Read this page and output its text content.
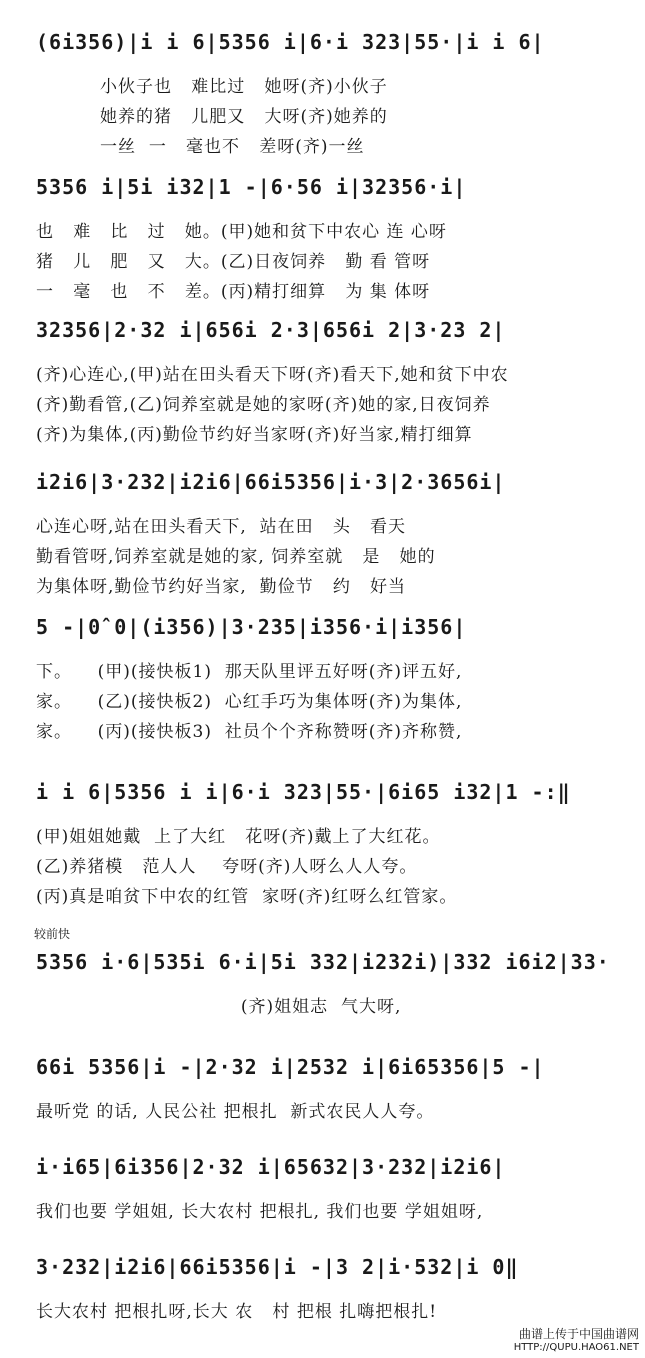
(6i356)|i i 6|5356 i|6·i 323|55·|i i 6|
小伙子也   难比过   她呀(齐)小伙子
她养的猪   儿肥又   大呀(齐)她养的
一丝  一   毫也不   差呀(齐)一丝
5356 i|5i i32|1 -|6·56 i|32356·i|
也   难   比   过   她。(甲)她和贫下中农心 连 心呀
猪   儿   肥   又   大。(乙)日夜饲养   勤 看 管呀
一   毫   也   不   差。(丙)精打细算   为 集 体呀
32356|2·32 i|656i 2·3|656i 2|3·23 2|
(齐)心连心,(甲)站在田头看天下呀(齐)看天下,她和贫下中农
(齐)勤看管,(乙)饲养室就是她的家呀(齐)她的家,日夜饲养
(齐)为集体,(丙)勤俭节约好当家呀(齐)好当家,精打细算
i2i6|3·232|i2i6|66i5356|i·3|2·3656i|
心连心呀,站在田头看天下,  站在田   头   看天
勤看管呀,饲养室就是她的家, 饲养室就   是   她的
为集体呀,勤俭节约好当家,  勤俭节   约   好当
5 -|0̂ 0|(i356)|3·235|i356·i|i356|
下。    (甲)(接快板1)  那天队里评五好呀(齐)评五好,
家。    (乙)(接快板2)  心红手巧为集体呀(齐)为集体,
家。    (丙)(接快板3)  社员个个齐称赞呀(齐)齐称赞,
i i 6|5356 i i|6·i 323|55·|6i65 i32|1 -:‖
(甲)姐姐她戴  上了大红   花呀(齐)戴上了大红花。
(乙)养猪模   范人人    夸呀(齐)人呀么人人夸。
(丙)真是咱贫下中农的红管  家呀(齐)红呀么红管家。
较前快
5356 i·6|535i 6·i|5i 332|i232i)|332 i6i2|33·
(齐)姐姐志  气大呀,
66i 5356|i -|2·32 i|2532 i|6i65356|5 -|
最听党 的话, 人民公社 把根扎  新式农民人人夸。
i·i65|6i356|2·32 i|65632|3·232|i2i6|
我们也要 学姐姐, 长大农村 把根扎, 我们也要 学姐姐呀,
3·232|i2i6|66i5356|i -|3 2|i·532|i 0‖
长大农村 把根扎呀,长大 农   村 把根 扎嗨把根扎!
曲谱上传于中国曲谱网
HTTP://QUPU.HAO61.NET
